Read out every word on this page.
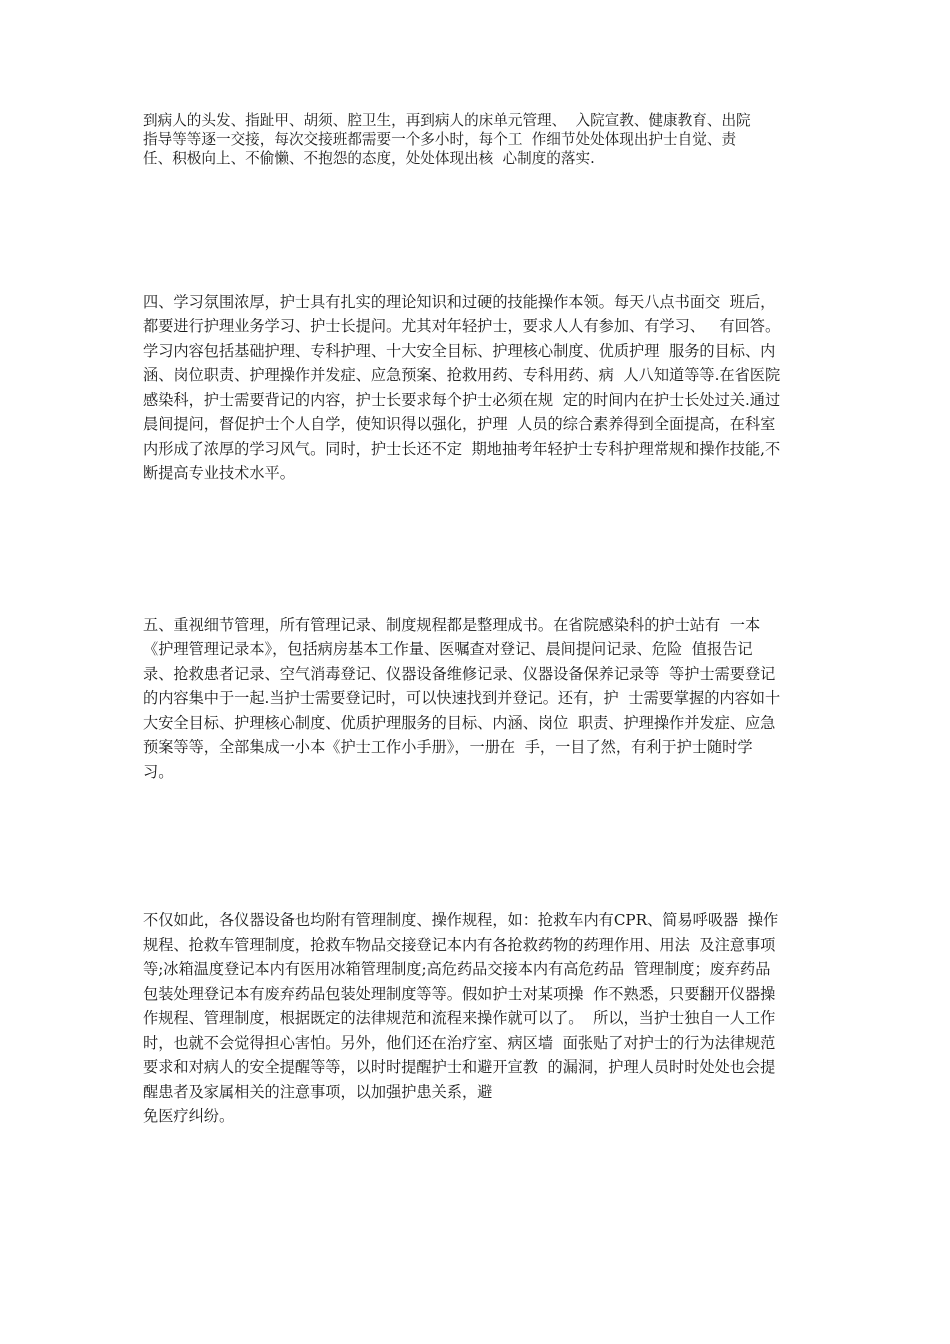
到病人的头发、指趾甲、胡须、腔卫生，再到病人的床单元管理、  入院宣教、健康教育、出院

指导等等逐一交接，每次交接班都需要一个多小时，每个工  作细节处处体现出护士自觉、责

任、积极向上、不偷懒、不抱怨的态度，处处体现出核  心制度的落实.

四、学习氛围浓厚，护士具有扎实的理论知识和过硬的技能操作本领。每天八点书面交  班后，

都要进行护理业务学习、护士长提问。尤其对年轻护士，要求人人有参加、有学习、   有回答。

学习内容包括基础护理、专科护理、十大安全目标、护理核心制度、优质护理  服务的目标、内

涵、岗位职责、护理操作并发症、应急预案、抢救用药、专科用药、病  人八知道等等.在省医院

感染科，护士需要背记的内容，护士长要求每个护士必须在规  定的时间内在护士长处过关.通过

晨间提问，督促护士个人自学，使知识得以强化，护理  人员的综合素养得到全面提高，在科室

内形成了浓厚的学习风气。同时，护士长还不定  期地抽考年轻护士专科护理常规和操作技能,不

断提高专业技术水平。

五、重视细节管理，所有管理记录、制度规程都是整理成书。在省院感染科的护士站有  一本

《护理管理记录本》，包括病房基本工作量、医嘱查对登记、晨间提问记录、危险  值报告记

录、抢救患者记录、空气消毒登记、仪器设备维修记录、仪器设备保养记录等  等护士需要登记

的内容集中于一起.当护士需要登记时，可以快速找到并登记。还有，护  士需要掌握的内容如十

大安全目标、护理核心制度、优质护理服务的目标、内涵、岗位  职责、护理操作并发症、应急

预案等等，全部集成一小本《护士工作小手册》，一册在  手，一目了然，有利于护士随时学

习。

不仅如此，各仪器设备也均附有管理制度、操作规程，如：抢救车内有CPR、简易呼吸器  操作

规程、抢救车管理制度，抢救车物品交接登记本内有各抢救药物的药理作用、用法  及注意事项

等;冰箱温度登记本内有医用冰箱管理制度;高危药品交接本内有高危药品  管理制度；废弃药品

包装处理登记本有废弃药品包装处理制度等等。假如护士对某项操  作不熟悉，只要翻开仪器操

作规程、管理制度，根据既定的法律规范和流程来操作就可以了。  所以，当护士独自一人工作

时，也就不会觉得担心害怕。另外，他们还在治疗室、病区墙  面张贴了对护士的行为法律规范

要求和对病人的安全提醒等等，以时时提醒护士和避开宣教  的漏洞，护理人员时时处处也会提

醒患者及家属相关的注意事项，以加强护患关系，避

免医疗纠纷。
